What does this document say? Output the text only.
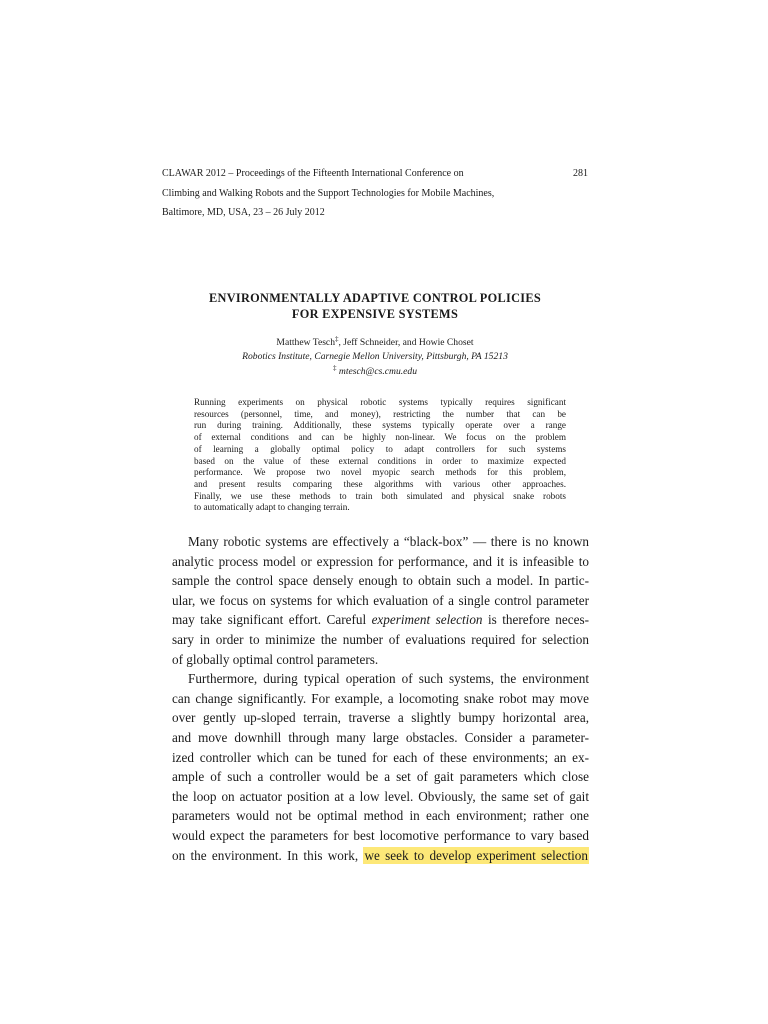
CLAWAR 2012 – Proceedings of the Fifteenth International Conference on
Climbing and Walking Robots and the Support Technologies for Mobile Machines,
Baltimore, MD, USA, 23 – 26 July 2012
281
ENVIRONMENTALLY ADAPTIVE CONTROL POLICIES
FOR EXPENSIVE SYSTEMS
Matthew Tesch‡, Jeff Schneider, and Howie Choset
Robotics Institute, Carnegie Mellon University, Pittsburgh, PA 15213
‡ mtesch@cs.cmu.edu
Running experiments on physical robotic systems typically requires significant
resources (personnel, time, and money), restricting the number that can be
run during training. Additionally, these systems typically operate over a range
of external conditions and can be highly non-linear. We focus on the problem
of learning a globally optimal policy to adapt controllers for such systems
based on the value of these external conditions in order to maximize expected
performance. We propose two novel myopic search methods for this problem,
and present results comparing these algorithms with various other approaches.
Finally, we use these methods to train both simulated and physical snake robots
to automatically adapt to changing terrain.
Many robotic systems are effectively a “black-box” — there is no known
analytic process model or expression for performance, and it is infeasible to
sample the control space densely enough to obtain such a model. In partic-
ular, we focus on systems for which evaluation of a single control parameter
may take significant effort. Careful experiment selection is therefore neces-
sary in order to minimize the number of evaluations required for selection
of globally optimal control parameters.
Furthermore, during typical operation of such systems, the environment
can change significantly. For example, a locomoting snake robot may move
over gently up-sloped terrain, traverse a slightly bumpy horizontal area,
and move downhill through many large obstacles. Consider a parameter-
ized controller which can be tuned for each of these environments; an ex-
ample of such a controller would be a set of gait parameters which close
the loop on actuator position at a low level. Obviously, the same set of gait
parameters would not be optimal method in each environment; rather one
would expect the parameters for best locomotive performance to vary based
on the environment. In this work, we seek to develop experiment selection
